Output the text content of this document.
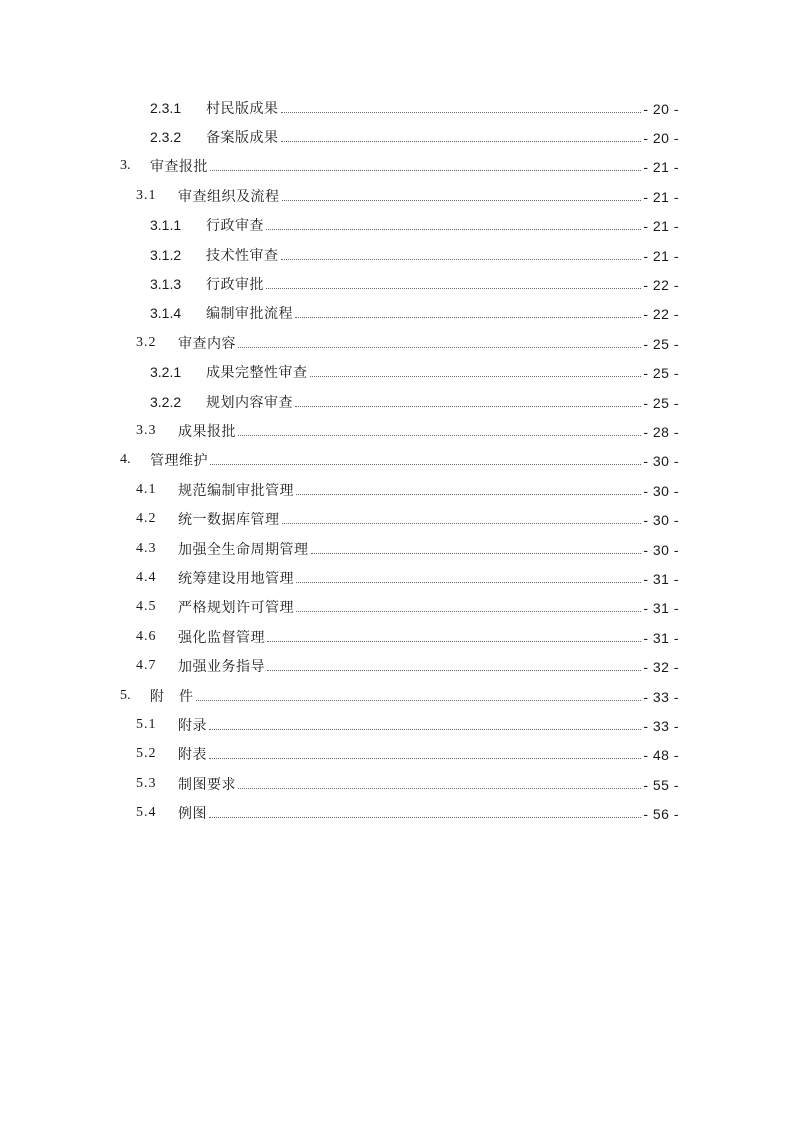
2.3.1 村民版成果	- 20 -
2.3.2 备案版成果	- 20 -
3. 审查报批	- 21 -
3.1 审查组织及流程	- 21 -
3.1.1 行政审查	- 21 -
3.1.2 技术性审查	- 21 -
3.1.3 行政审批	- 22 -
3.1.4 编制审批流程	- 22 -
3.2 审查内容	- 25 -
3.2.1 成果完整性审查	- 25 -
3.2.2 规划内容审查	- 25 -
3.3 成果报批	- 28 -
4. 管理维护	- 30 -
4.1 规范编制审批管理	- 30 -
4.2 统一数据库管理	- 30 -
4.3 加强全生命周期管理	- 30 -
4.4 统筹建设用地管理	- 31 -
4.5 严格规划许可管理	- 31 -
4.6 强化监督管理	- 31 -
4.7 加强业务指导	- 32 -
5. 附　件	- 33 -
5.1 附录	- 33 -
5.2 附表	- 48 -
5.3 制图要求	- 55 -
5.4 例图	- 56 -
